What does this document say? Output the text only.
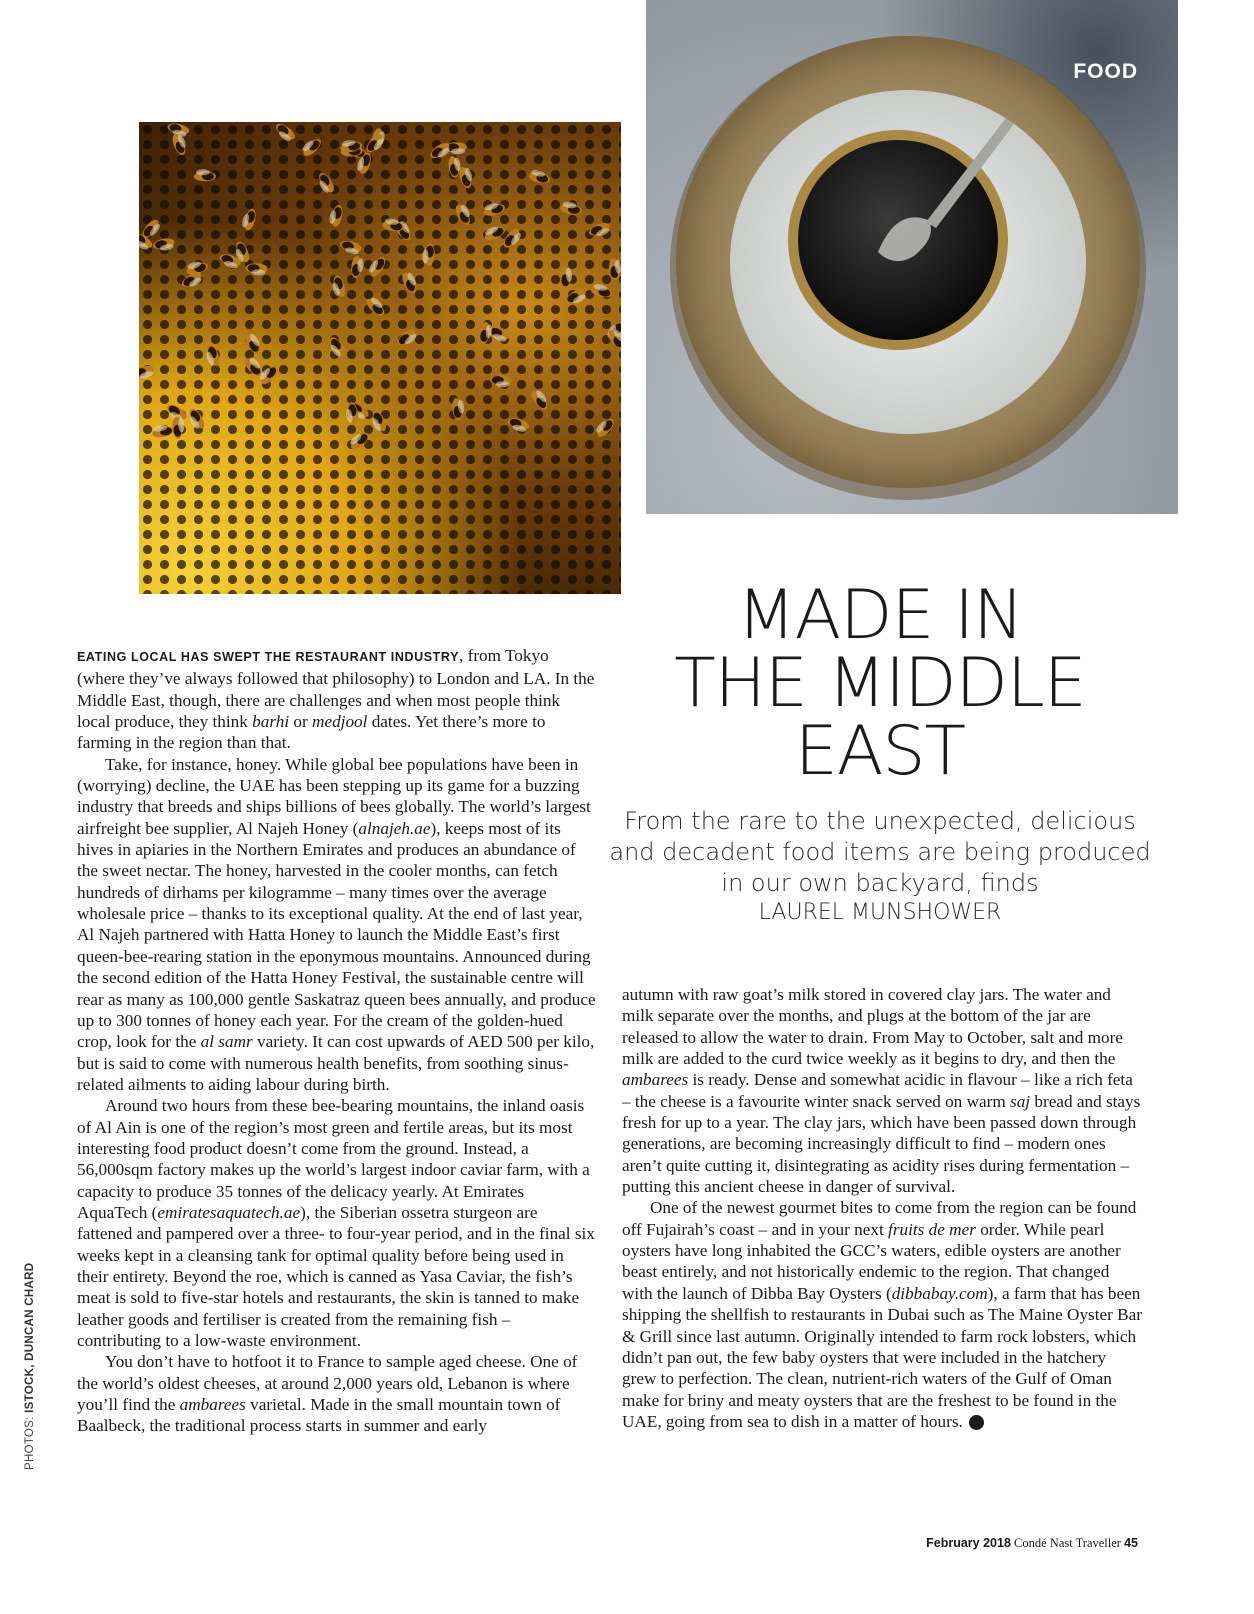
FOOD
MADE IN
THE MIDDLE
EAST
From the rare to the unexpected, delicious and decadent food items are being produced in our own backyard, finds
LAUREL MUNSHOWER

EATING LOCAL HAS SWEPT THE RESTAURANT INDUSTRY, from Tokyo (where they’ve always followed that philosophy) to London and LA. In the Middle East, though, there are challenges and when most people think local produce, they think barhi or medjool dates. Yet there’s more to farming in the region than that.

Take, for instance, honey. While global bee populations have been in (worrying) decline, the UAE has been stepping up its game for a buzzing industry that breeds and ships billions of bees globally. The world’s largest airfreight bee supplier, Al Najeh Honey (alnajeh.ae), keeps most of its hives in apiaries in the Northern Emirates and produces an abundance of the sweet nectar. The honey, harvested in the cooler months, can fetch hundreds of dirhams per kilogramme – many times over the average wholesale price – thanks to its exceptional quality. At the end of last year, Al Najeh partnered with Hatta Honey to launch the Middle East’s first queen-bee-rearing station in the eponymous mountains. Announced during the second edition of the Hatta Honey Festival, the sustainable centre will rear as many as 100,000 gentle Saskatraz queen bees annually, and produce up to 300 tonnes of honey each year. For the cream of the golden-hued crop, look for the al samr variety. It can cost upwards of AED 500 per kilo, but is said to come with numerous health benefits, from soothing sinus-related ailments to aiding labour during birth.

Around two hours from these bee-bearing mountains, the inland oasis of Al Ain is one of the region’s most green and fertile areas, but its most interesting food product doesn’t come from the ground. Instead, a 56,000sqm factory makes up the world’s largest indoor caviar farm, with a capacity to produce 35 tonnes of the delicacy yearly. At Emirates AquaTech (emiratesaquatech.ae), the Siberian ossetra sturgeon are fattened and pampered over a three- to four-year period, and in the final six weeks kept in a cleansing tank for optimal quality before being used in their entirety. Beyond the roe, which is canned as Yasa Caviar, the fish’s meat is sold to five-star hotels and restaurants, the skin is tanned to make leather goods and fertiliser is created from the remaining fish – contributing to a low-waste environment.

You don’t have to hotfoot it to France to sample aged cheese. One of the world’s oldest cheeses, at around 2,000 years old, Lebanon is where you’ll find the ambarees varietal. Made in the small mountain town of Baalbeck, the traditional process starts in summer and early

autumn with raw goat’s milk stored in covered clay jars. The water and milk separate over the months, and plugs at the bottom of the jar are released to allow the water to drain. From May to October, salt and more milk are added to the curd twice weekly as it begins to dry, and then the ambarees is ready. Dense and somewhat acidic in flavour – like a rich feta – the cheese is a favourite winter snack served on warm saj bread and stays fresh for up to a year. The clay jars, which have been passed down through generations, are becoming increasingly difficult to find – modern ones aren’t quite cutting it, disintegrating as acidity rises during fermentation – putting this ancient cheese in danger of survival.

One of the newest gourmet bites to come from the region can be found off Fujairah’s coast – and in your next fruits de mer order. While pearl oysters have long inhabited the GCC’s waters, edible oysters are another beast entirely, and not historically endemic to the region. That changed with the launch of Dibba Bay Oysters (dibbabay.com), a farm that has been shipping the shellfish to restaurants in Dubai such as The Maine Oyster Bar & Grill since last autumn. Originally intended to farm rock lobsters, which didn’t pan out, the few baby oysters that were included in the hatchery grew to perfection. The clean, nutrient-rich waters of the Gulf of Oman make for briny and meaty oysters that are the freshest to be found in the UAE, going from sea to dish in a matter of hours.	CNT

PHOTOS: ISTOCK, DUNCAN CHARD
February 2018 Condé Nast Traveller 45
